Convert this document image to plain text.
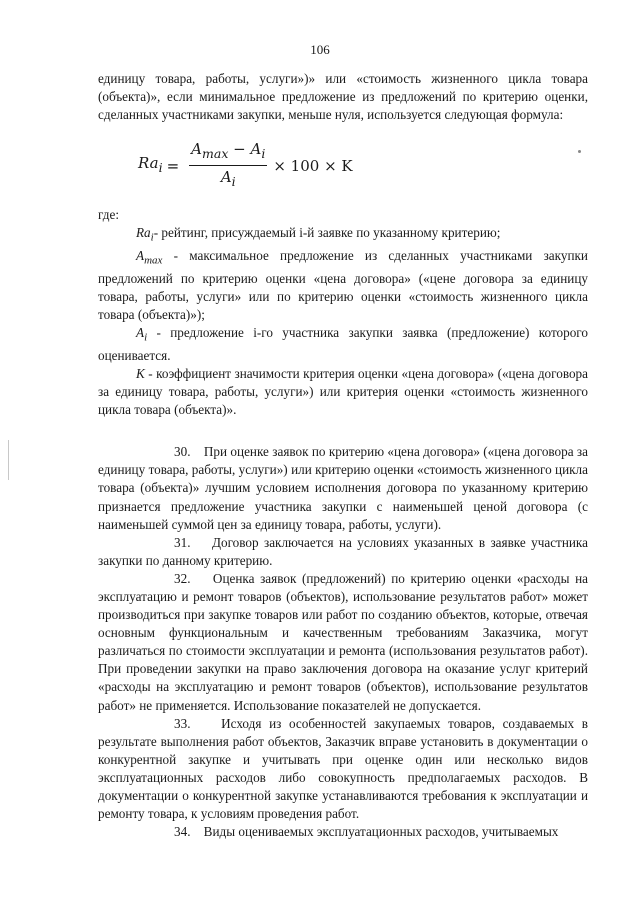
106

единицу товара, работы, услуги»)» или «стоимость жизненного цикла товара (объекта)», если минимальное предложение из предложений по критерию оценки, сделанных участниками закупки, меньше нуля, используется следующая формула:

$Ra_i = \frac{A_{max} - A_i}{A_i} \times 100 \times K$

где:

$Ra_i-$ рейтинг, присуждаемый i-й заявке по указанному критерию;

$A_{max}$ - максимальное предложение из сделанных участниками закупки предложений по критерию оценки «цена договора» («цене договора за единицу товара, работы, услуги» или по критерию оценки «стоимость жизненного цикла товара (объекта)»);

$A_i$ - предложение i-го участника закупки заявка (предложение) которого оценивается.

K - коэффициент значимости критерия оценки «цена договора» («цена договора за единицу товара, работы, услуги») или критерия оценки «стоимость жизненного цикла товара (объекта)».

30. При оценке заявок по критерию «цена договора» («цена договора за единицу товара, работы, услуги») или критерию оценки «стоимость жизненного цикла товара (объекта)» лучшим условием исполнения договора по указанному критерию признается предложение участника закупки с наименьшей ценой договора (с наименьшей суммой цен за единицу товара, работы, услуги).

31. Договор заключается на условиях указанных в заявке участника закупки по данному критерию.

32. Оценка заявок (предложений) по критерию оценки «расходы на эксплуатацию и ремонт товаров (объектов), использование результатов работ» может производиться при закупке товаров или работ по созданию объектов, которые, отвечая основным функциональным и качественным требованиям Заказчика, могут различаться по стоимости эксплуатации и ремонта (использования результатов работ). При проведении закупки на право заключения договора на оказание услуг критерий «расходы на эксплуатацию и ремонт товаров (объектов), использование результатов работ» не применяется. Использование показателей не допускается.

33. Исходя из особенностей закупаемых товаров, создаваемых в результате выполнения работ объектов, Заказчик вправе установить в документации о конкурентной закупке и учитывать при оценке один или несколько видов эксплуатационных расходов либо совокупность предполагаемых расходов. В документации о конкурентной закупке устанавливаются требования к эксплуатации и ремонту товара, к условиям проведения работ.

34. Виды оцениваемых эксплуатационных расходов, учитываемых
